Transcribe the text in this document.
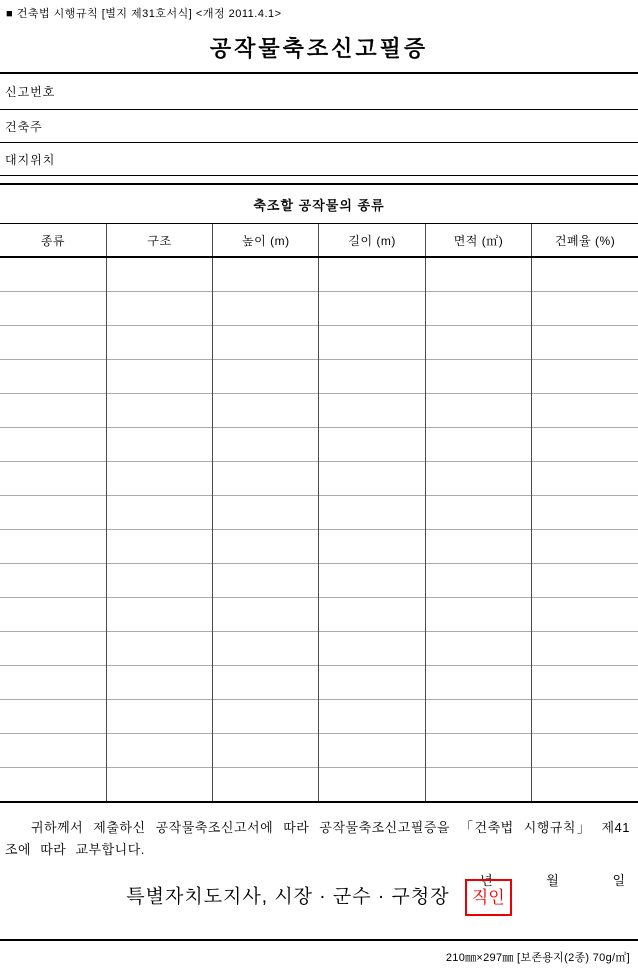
■ 건축법 시행규칙 [별지 제31호서식] <개정 2011.4.1>
공작물축조신고필증
신고번호
건축주
대지위치
축조할 공작물의 종류					
종류	구조	높이 (m)	길이 (m)	면적 (㎡)	건폐율 (%)

귀하께서 제출하신 공작물축조신고서에 따라 공작물축조신고필증을 「건축법 시행규칙」 제41조에 따라 교부합니다.
년	월	일
특별자치도지사, 시장 · 군수 · 구청장 직인
210㎜×297㎜ [보존용지(2종) 70g/㎡]
